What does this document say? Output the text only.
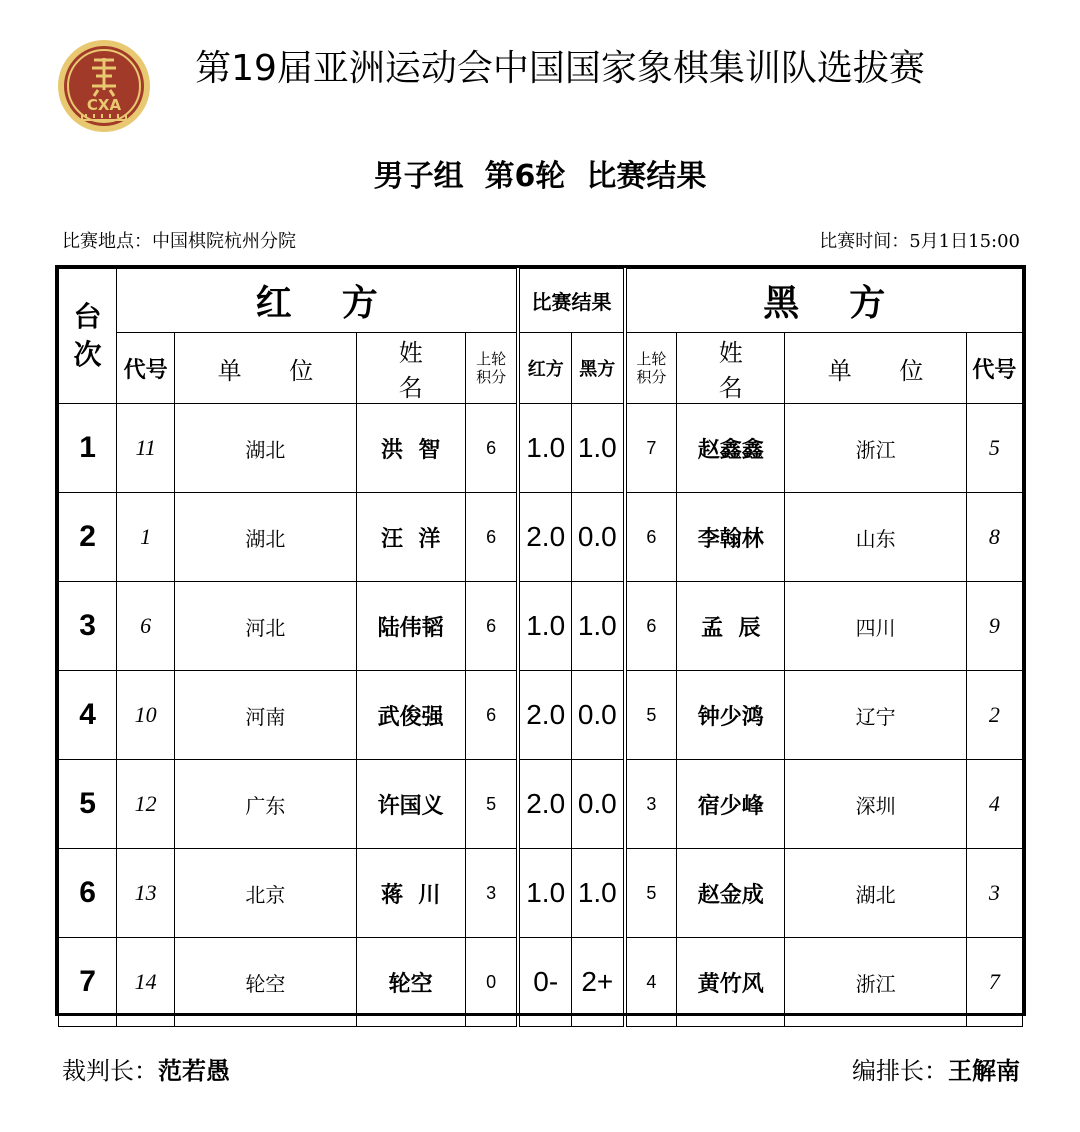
CXA
第19届亚洲运动会中国国家象棋集训队选拔赛
男子组  第6轮  比赛结果
比赛地点：中国棋院杭州分院	比赛时间：5月1日15:00
台次	红方				比赛结果		黑方			
	代号	单 位	姓 名	上轮积分	红方	黑方	上轮积分	姓 名	单 位	代号
1	11	湖北	洪  智	6	1.0	1.0	7	赵鑫鑫	浙江	5
2	1	湖北	汪  洋	6	2.0	0.0	6	李翰林	山东	8
3	6	河北	陆伟韬	6	1.0	1.0	6	孟  辰	四川	9
4	10	河南	武俊强	6	2.0	0.0	5	钟少鸿	辽宁	2
5	12	广东	许国义	5	2.0	0.0	3	宿少峰	深圳	4
6	13	北京	蒋  川	3	1.0	1.0	5	赵金成	湖北	3
7	14	轮空	轮空	0	0-	2+	4	黄竹风	浙江	7
裁判长：范若愚	编排长：王解南
